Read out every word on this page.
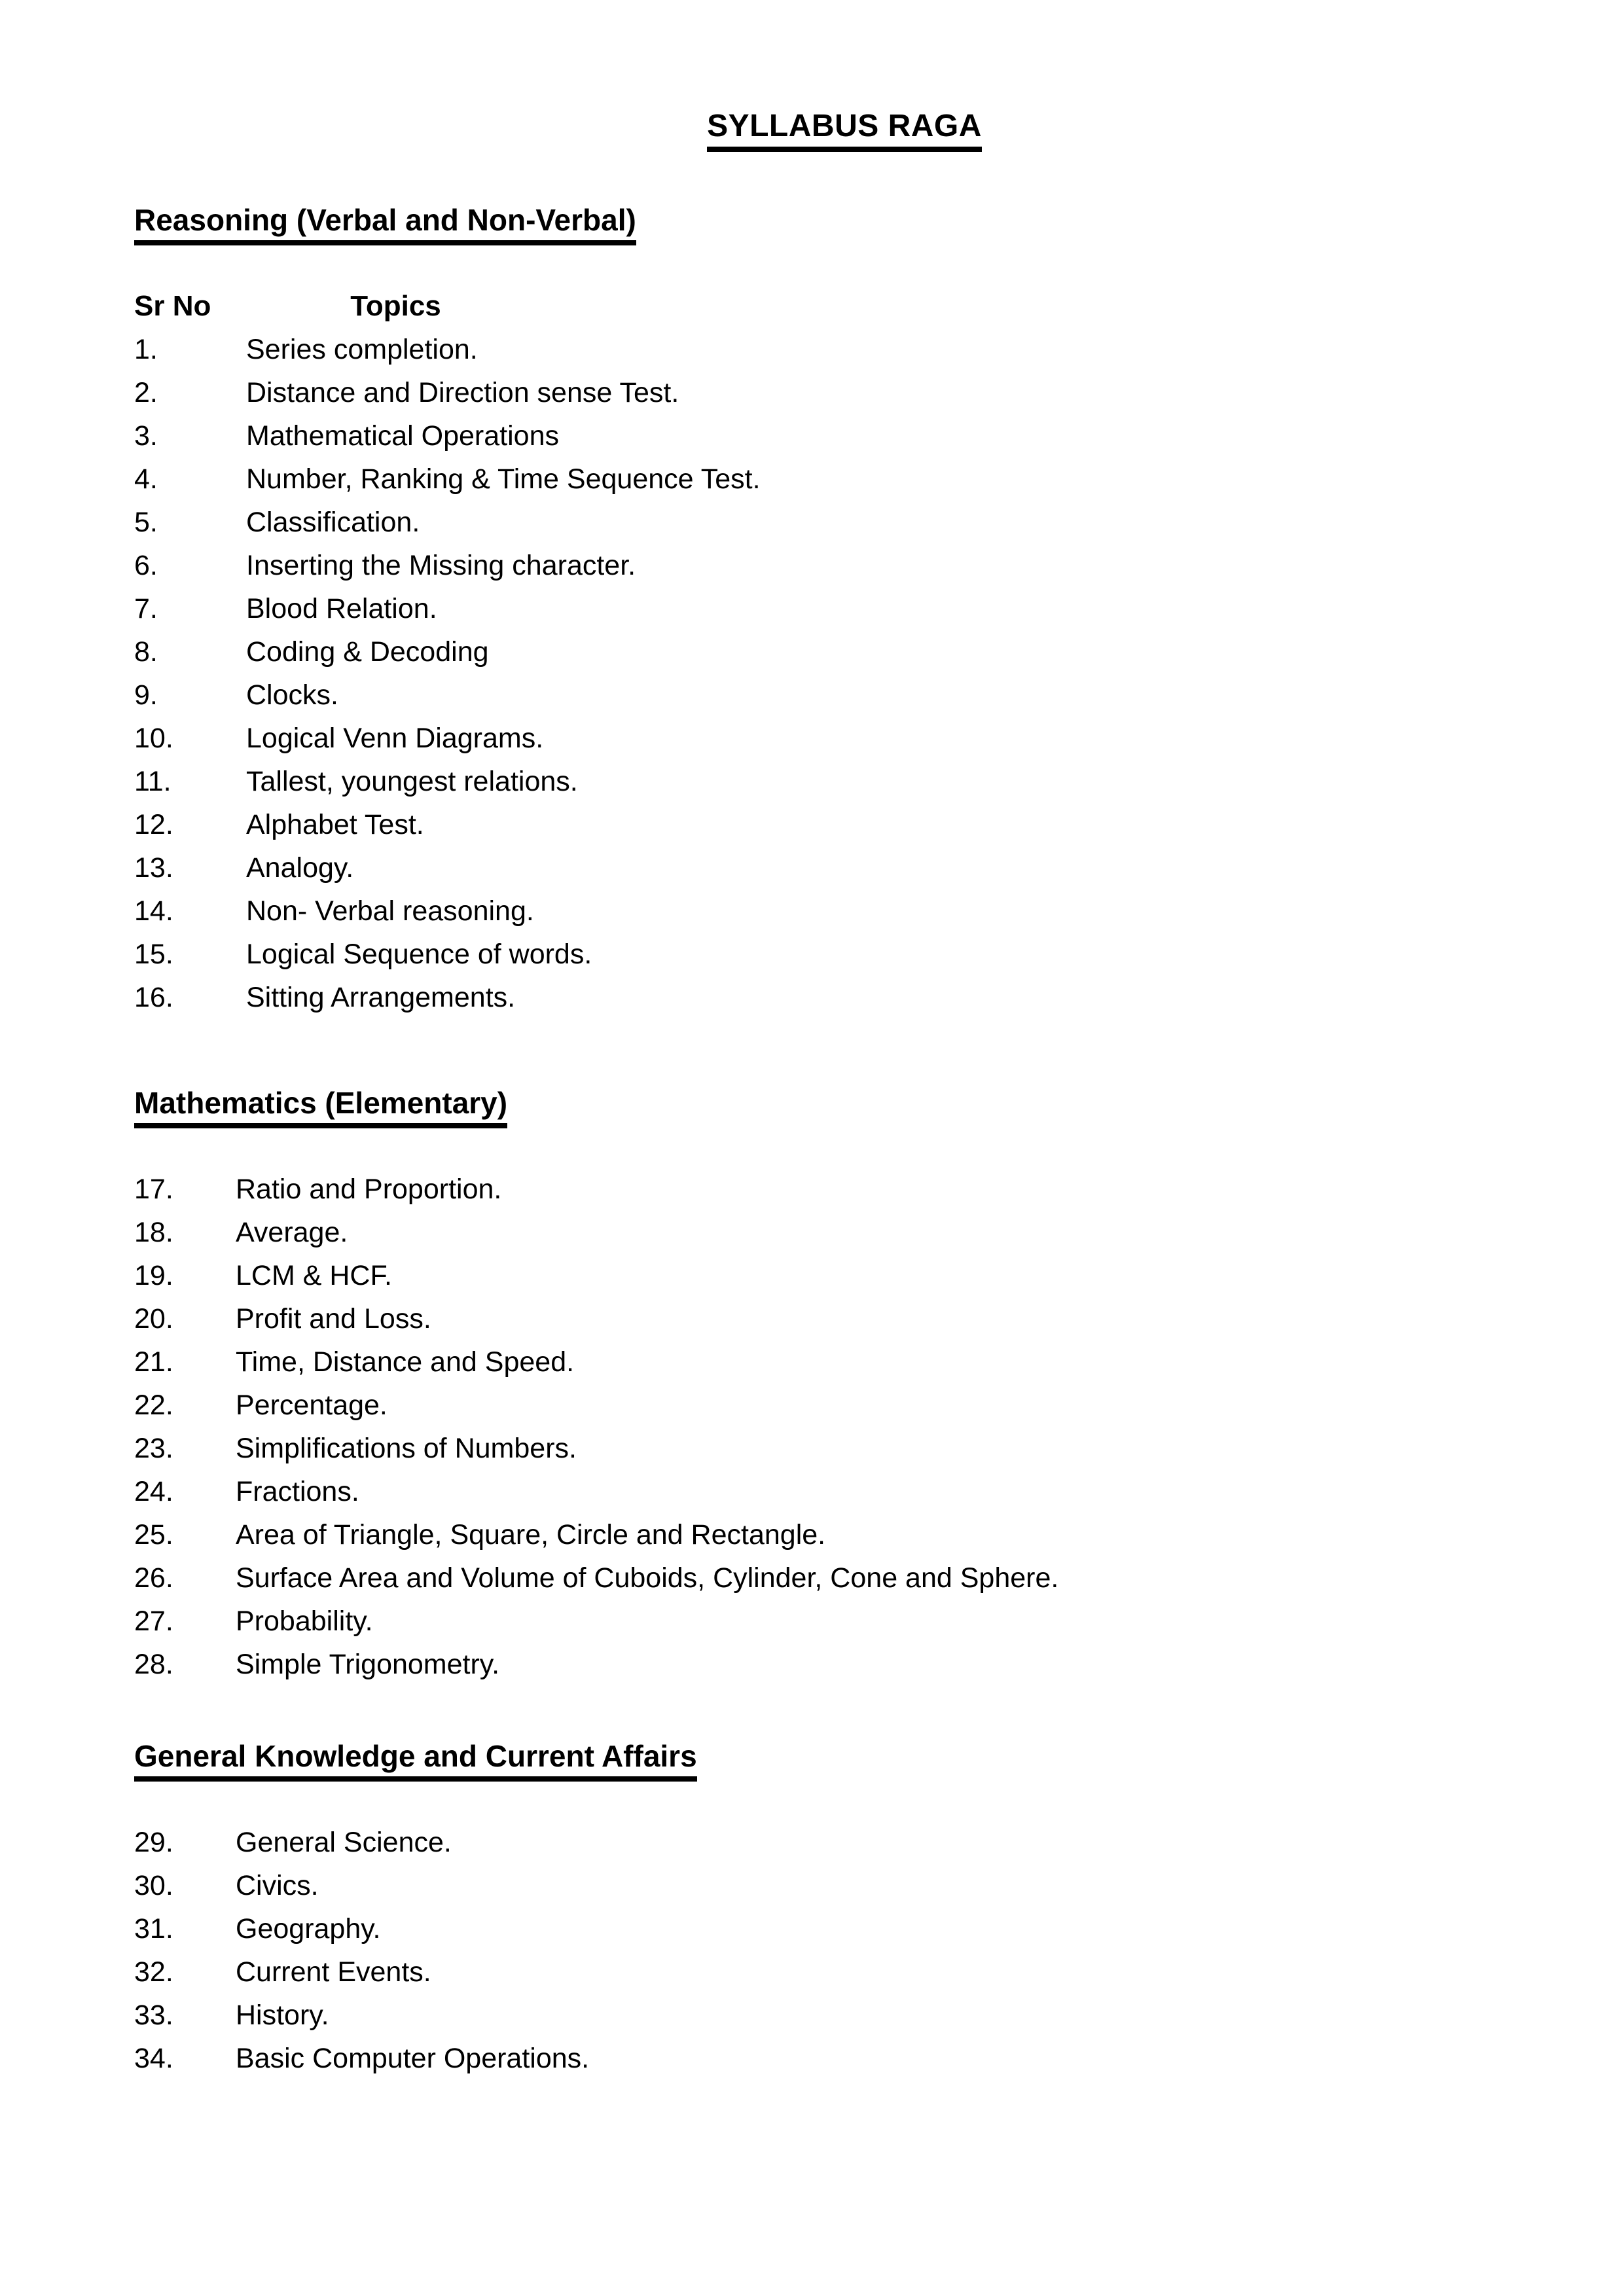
SYLLABUS RAGA
Reasoning (Verbal and Non-Verbal)
Sr No	Topics
1.	Series completion.
2.	Distance and Direction sense Test.
3.	Mathematical Operations
4.	Number, Ranking & Time Sequence Test.
5.	Classification.
6.	Inserting the Missing character.
7.	Blood Relation.
8.	Coding & Decoding
9.	Clocks.
10.	Logical Venn Diagrams.
11.	Tallest, youngest relations.
12.	Alphabet Test.
13.	Analogy.
14.	Non- Verbal reasoning.
15.	Logical Sequence of words.
16.	Sitting Arrangements.
Mathematics (Elementary)
17.	Ratio and Proportion.
18.	Average.
19.	LCM & HCF.
20.	Profit and Loss.
21.	Time, Distance and Speed.
22.	Percentage.
23.	Simplifications of Numbers.
24.	Fractions.
25.	Area of Triangle, Square, Circle and Rectangle.
26.	Surface Area and Volume of Cuboids, Cylinder, Cone and Sphere.
27.	Probability.
28.	Simple Trigonometry.
General Knowledge and Current Affairs
29.	General Science.
30.	Civics.
31.	Geography.
32.	Current Events.
33.	History.
34.	Basic Computer Operations.
